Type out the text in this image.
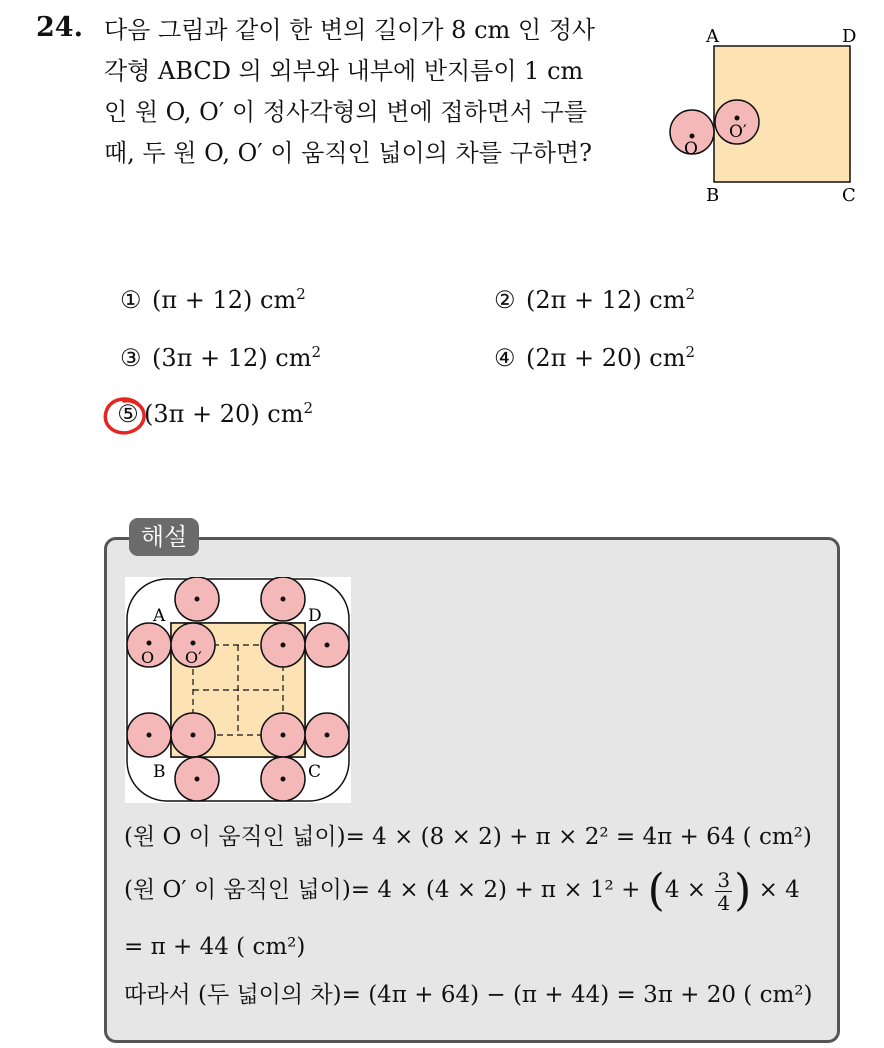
24. 다음 그림과 같이 한 변의 길이가 8 cm 인 정사
각형 ABCD 의 외부와 내부에 반지름이 1 cm
인 원 O, O′ 이 정사각형의 변에 접하면서 구를
때, 두 원 O, O′ 이 움직인 넓이의 차를 구하면?
A	D
B	C
O
O′
① (π + 12) $cm^2$	② (2π + 12) $cm^2$
③ (3π + 12) $cm^2$	④ (2π + 20) $cm^2$
⑤ (3π + 20) $cm^2$
해설
A	D
B	C
O O′
(원 O 이 움직인 넓이)= 4 × (8 × 2) + π × 2² = 4π + 64 ( cm²)
(원 O′ 이 움직인 넓이)= $4 \times (4 \times 2) + \pi \times 1^2 + (4 \times \frac{3}{4}$ ) × 4
= π + 44 ( cm²)
따라서 (두 넓이의 차)= (4π + 64) − (π + 44) = 3π + 20 ( cm²)
